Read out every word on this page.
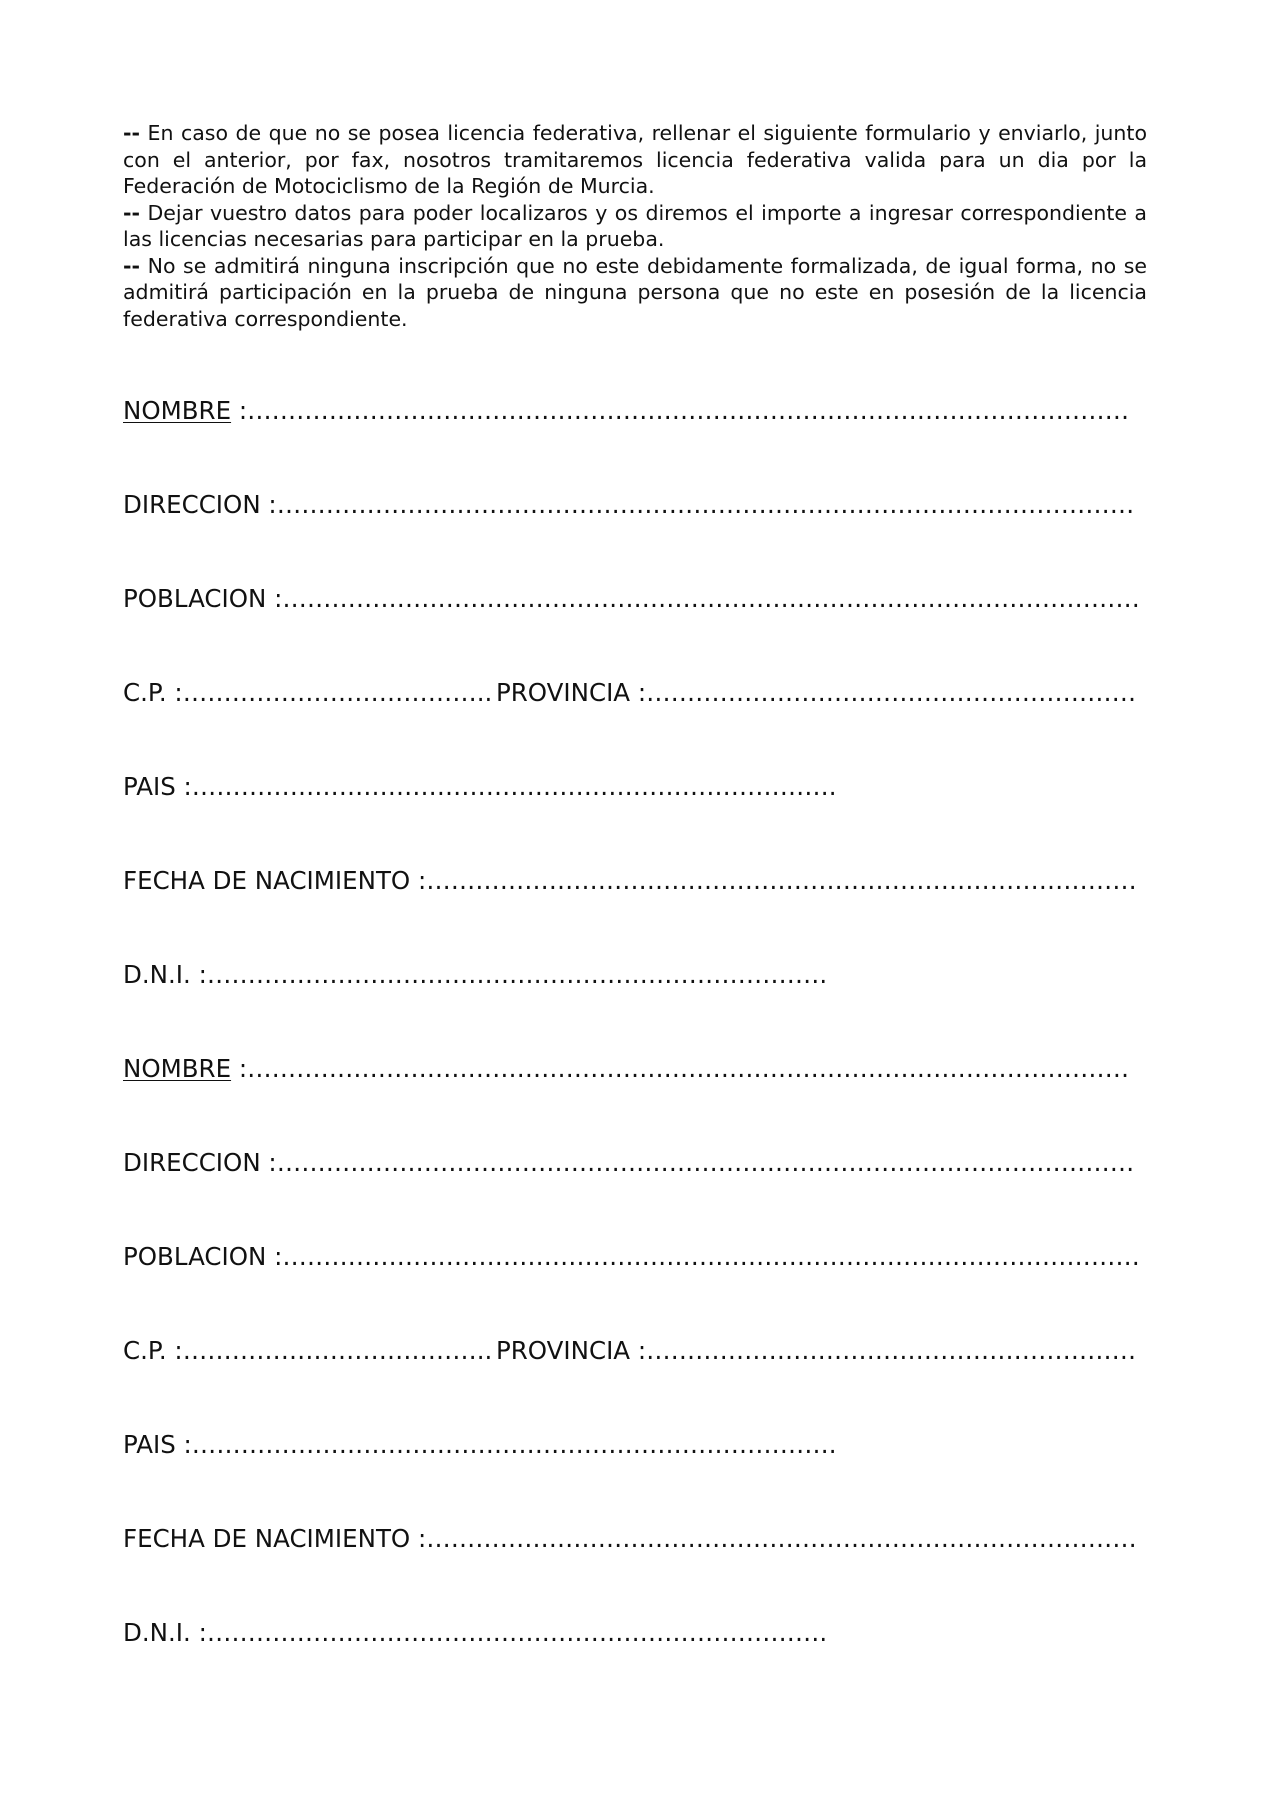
-- En caso de que no se posea licencia federativa, rellenar el siguiente formulario y enviarlo, junto con el anterior, por fax, nosotros tramitaremos licencia federativa valida para un dia por la Federación de Motociclismo de la Región de Murcia.

-- Dejar vuestro datos para poder localizaros y os diremos el importe a ingresar correspondiente a las licencias necesarias para participar en la prueba.

-- No se admitirá ninguna inscripción que no este debidamente formalizada, de igual forma, no se admitirá participación en la prueba de ninguna persona que no este en posesión de la licencia federativa correspondiente.

NOMBRE :………………………………………………………………………………………………
DIRECCION :……………………………………………………………………………………………
POBLACION :……………………………………………………………………………………………
C.P. :……………………………….. PROVINCIA :……………………………………………………
PAIS :…………………………………………………………………….
FECHA DE NACIMIENTO :……………………………………………………………………………
D.N.I. :………………………………………………………………….
NOMBRE :………………………………………………………………………………………………
DIRECCION :……………………………………………………………………………………………
POBLACION :……………………………………………………………………………………………
C.P. :……………………………….. PROVINCIA :……………………………………………………
PAIS :…………………………………………………………………….
FECHA DE NACIMIENTO :……………………………………………………………………………
D.N.I. :………………………………………………………………….
